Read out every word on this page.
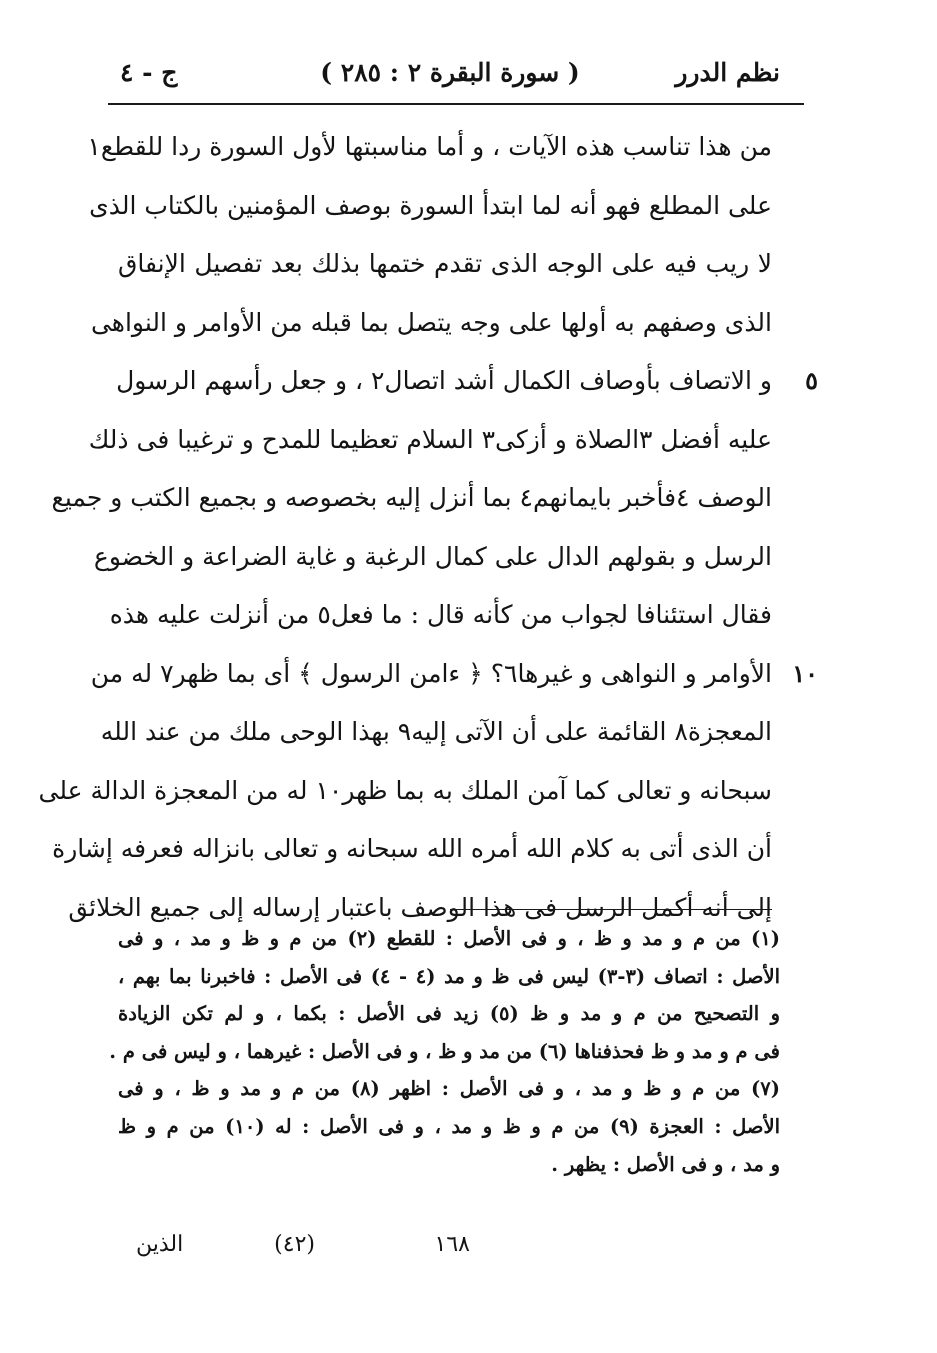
نظم الدرر
( سورة البقرة ٢ : ٢٨٥ )
ج - ٤
من هذا تناسب هذه الآيات ، و أما مناسبتها لأول السورة ردا للقطع١
على المطلع فهو أنه لما ابتدأ السورة بوصف المؤمنين بالكتاب الذى
لا ريب فيه على الوجه الذى تقدم ختمها بذلك بعد تفصيل الإنفاق
الذى وصفهم به أولها على وجه يتصل بما قبله من الأوامر و النواهى
٥
و الاتصاف بأوصاف الكمال أشد اتصال٢ ، و جعل رأسهم الرسول
عليه أفضل ٣الصلاة و أزكى٣ السلام تعظيما للمدح و ترغيبا فى ذلك
الوصف ٤فأخبر بايمانهم٤ بما أنزل إليه بخصوصه و بجميع الكتب و جميع
الرسل و بقولهم الدال على كمال الرغبة و غاية الضراعة و الخضوع
فقال استئنافا لجواب من كأنه قال : ما فعل٥ من أنزلت عليه هذه
١٠
الأوامر و النواهى و غيرها٦؟ ﴿ ءامن الرسول ﴾ أى بما ظهر٧ له من
المعجزة٨ القائمة على أن الآتى إليه٩ بهذا الوحى ملك من عند الله
سبحانه و تعالى كما آمن الملك به بما ظهر١٠ له من المعجزة الدالة على
أن الذى أتى به كلام الله أمره الله سبحانه و تعالى بانزاله فعرفه إشارة
إلى أنه أكمل الرسل فى هذا الوصف باعتبار إرساله إلى جميع الخلائق
(١) من م و مد و ظ ، و فى الأصل : للقطع (٢) من م و ظ و مد ، و فى
الأصل : اتصاف (٣-٣) ليس فى ظ و مد (٤ - ٤) فى الأصل : فاخبرنا بما بهم ،
و التصحيح من م و مد و ظ (٥) زيد فى الأصل : بكما ، و لم تكن الزيادة
فى م و مد و ظ فحذفناها (٦) من مد و ظ ، و فى الأصل : غيرهما ، و ليس فى م .
(٧) من م و ظ و مد ، و فى الأصل : اظهر (٨) من م و مد و ظ ، و فى
الأصل : العجزة (٩) من م و ظ و مد ، و فى الأصل : له (١٠) من م و ظ
و مد ، و فى الأصل : يظهر .
١٦٨
(٤٢)
الذين
